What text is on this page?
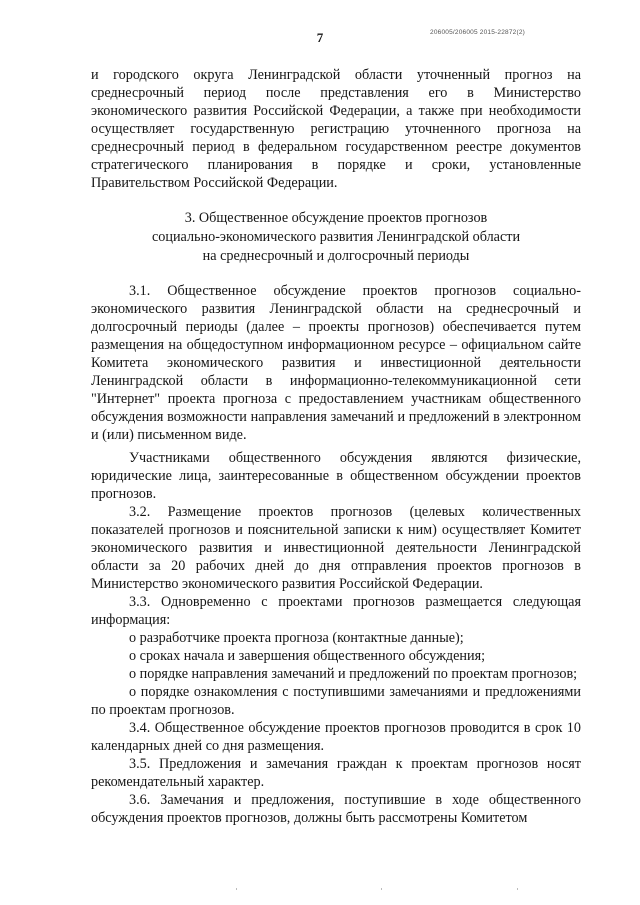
7	206005/206005 2015-22872(2)

и городского округа Ленинградской области уточненный прогноз на среднесрочный период после представления его в Министерство экономического развития Российской Федерации, а также при необходимости осуществляет государственную регистрацию уточненного прогноза на среднесрочный период в федеральном государственном реестре документов стратегического планирования в порядке и сроки, установленные Правительством Российской Федерации.

3. Общественное обсуждение проектов прогнозов
социально-экономического развития Ленинградской области
на среднесрочный и долгосрочный периоды

3.1. Общественное обсуждение проектов прогнозов социально-экономического развития Ленинградской области на среднесрочный и долгосрочный периоды (далее – проекты прогнозов) обеспечивается путем размещения на общедоступном информационном ресурсе – официальном сайте Комитета экономического развития и инвестиционной деятельности Ленинградской области в информационно-телекоммуникационной сети "Интернет" проекта прогноза с предоставлением участникам общественного обсуждения возможности направления замечаний и предложений в электронном и (или) письменном виде.

Участниками общественного обсуждения являются физические, юридические лица, заинтересованные в общественном обсуждении проектов прогнозов.

3.2. Размещение проектов прогнозов (целевых количественных показателей прогнозов и пояснительной записки к ним) осуществляет Комитет экономического развития и инвестиционной деятельности Ленинградской области за 20 рабочих дней до дня отправления проектов прогнозов в Министерство экономического развития Российской Федерации.

3.3. Одновременно с проектами прогнозов размещается следующая информация:

о разработчике проекта прогноза (контактные данные);

о сроках начала и завершения общественного обсуждения;

о порядке направления замечаний и предложений по проектам прогнозов;

о порядке ознакомления с поступившими замечаниями и предложениями по проектам прогнозов.

3.4. Общественное обсуждение проектов прогнозов проводится в срок 10 календарных дней со дня размещения.

3.5. Предложения и замечания граждан к проектам прогнозов носят рекомендательный характер.

3.6. Замечания и предложения, поступившие в ходе общественного обсуждения проектов прогнозов, должны быть рассмотрены Комитетом
